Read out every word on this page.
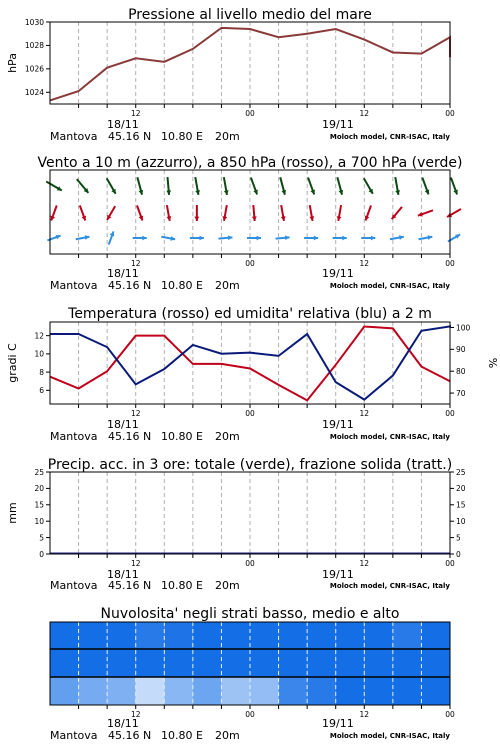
Pressione al livello medio del mare
hPa
1024
1026
1028
1030
12	00	12	00
18/11	19/11
Mantova 45.16 N 10.80 E 20m	Moloch model, CNR-ISAC, Italy
Vento a 10 m (azzurro), a 850 hPa (rosso), a 700 hPa (verde)
12	00	12	00
18/11	19/11
Mantova 45.16 N 10.80 E 20m	Moloch model, CNR-ISAC, Italy
Temperatura (rosso) ed umidita' relativa (blu) a 2 m
gradi C	%
6
8
10
12
70
80
90
100
12	00	12	00
18/11	19/11
Mantova 45.16 N 10.80 E 20m	Moloch model, CNR-ISAC, Italy
Precip. acc. in 3 ore: totale (verde), frazione solida (tratt.)
mm
0
5
10
15
20
25
0
5
10
15
20
25
12	00	12	00
18/11	19/11
Mantova 45.16 N 10.80 E 20m	Moloch model, CNR-ISAC, Italy
Nuvolosita' negli strati basso, medio e alto
12	00	12	00
18/11	19/11
Mantova 45.16 N 10.80 E 20m	Moloch model, CNR-ISAC, Italy
